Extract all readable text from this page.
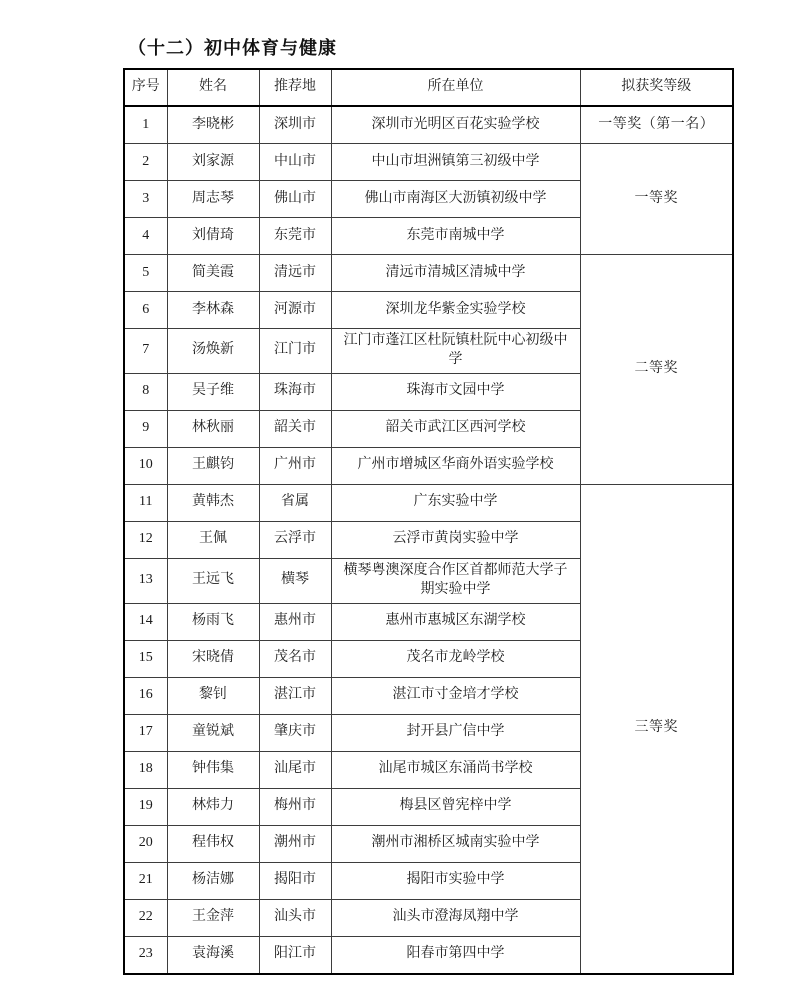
（十二）初中体育与健康
序号	姓名	推荐地	所在单位	拟获奖等级
1	李晓彬	深圳市	深圳市光明区百花实验学校	一等奖（第一名）
2	刘家源	中山市	中山市坦洲镇第三初级中学	一等奖
3	周志琴	佛山市	佛山市南海区大沥镇初级中学	
4	刘倩琦	东莞市	东莞市南城中学	
5	简美霞	清远市	清远市清城区清城中学	二等奖
6	李林森	河源市	深圳龙华紫金实验学校	
7	汤焕新	江门市	江门市蓬江区杜阮镇杜阮中心初级中学	
8	吴子维	珠海市	珠海市文园中学	
9	林秋丽	韶关市	韶关市武江区西河学校	
10	王麒钧	广州市	广州市增城区华商外语实验学校	
11	黄韩杰	省属	广东实验中学	三等奖
12	王佩	云浮市	云浮市黄岗实验中学	
13	王远飞	横琴	横琴粤澳深度合作区首都师范大学子期实验中学	
14	杨雨飞	惠州市	惠州市惠城区东湖学校	
15	宋晓倩	茂名市	茂名市龙岭学校	
16	黎钊	湛江市	湛江市寸金培才学校	
17	童锐斌	肇庆市	封开县广信中学	
18	钟伟集	汕尾市	汕尾市城区东涌尚书学校	
19	林炜力	梅州市	梅县区曾宪梓中学	
20	程伟权	潮州市	潮州市湘桥区城南实验中学	
21	杨洁娜	揭阳市	揭阳市实验中学	
22	王金萍	汕头市	汕头市澄海凤翔中学	
23	袁海溪	阳江市	阳春市第四中学	
